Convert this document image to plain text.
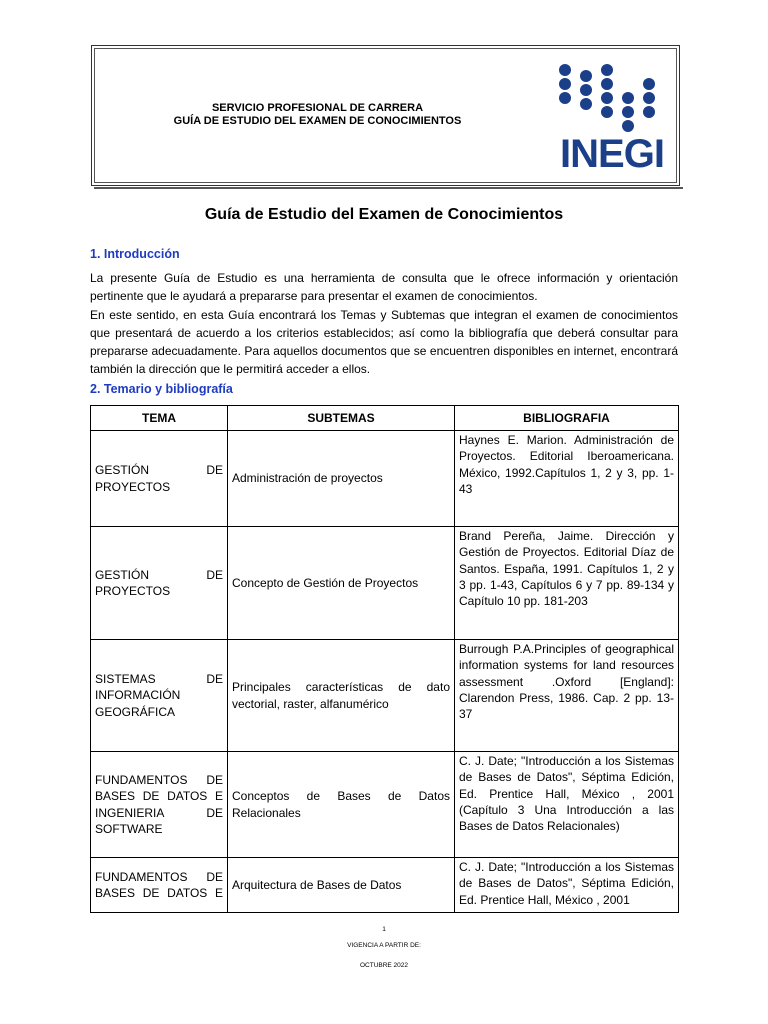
SERVICIO PROFESIONAL DE CARRERA
GUÍA DE ESTUDIO DEL EXAMEN DE CONOCIMIENTOS
INEGI
Guía de Estudio del Examen de Conocimientos
1. Introducción
La presente Guía de Estudio es una herramienta de consulta que le ofrece información y orientación pertinente que le ayudará a prepararse para presentar el examen de conocimientos.
En este sentido, en esta Guía encontrará los Temas y Subtemas que integran el examen de conocimientos que presentará de acuerdo a los criterios establecidos; así como la bibliografía que deberá consultar para prepararse adecuadamente. Para aquellos documentos que se encuentren disponibles en internet, encontrará también la dirección que le permitirá acceder a ellos.
2. Temario y bibliografía
TEMA	SUBTEMAS	BIBLIOGRAFIA
GESTIÓN DE PROYECTOS	Administración de proyectos	Haynes E. Marion. Administración de Proyectos. Editorial Iberoamericana. México, 1992.Capítulos 1, 2 y 3, pp. 1-43
GESTIÓN DE PROYECTOS	Concepto de Gestión de Proyectos	Brand Pereña, Jaime. Dirección y Gestión de Proyectos. Editorial Díaz de Santos. España, 1991. Capítulos 1, 2 y 3 pp. 1-43, Capítulos 6 y 7 pp. 89-134 y Capítulo 10 pp. 181-203
SISTEMAS DE INFORMACIÓN GEOGRÁFICA	Principales características de dato vectorial, raster, alfanumérico	Burrough P.A.Principles of geographical information systems for land resources assessment .Oxford [England]: Clarendon Press, 1986. Cap. 2 pp. 13-37
FUNDAMENTOS DE BASES DE DATOS E INGENIERIA DE SOFTWARE	Conceptos de Bases de Datos Relacionales	C. J. Date; "Introducción a los Sistemas de Bases de Datos", Séptima Edición, Ed. Prentice Hall, México , 2001 (Capítulo 3 Una Introducción a las Bases de Datos Relacionales)
FUNDAMENTOS DE BASES DE DATOS E	Arquitectura de Bases de Datos	C. J. Date; "Introducción a los Sistemas de Bases de Datos", Séptima Edición, Ed. Prentice Hall, México , 2001
1
VIGENCIA A PARTIR DE:
OCTUBRE 2022
